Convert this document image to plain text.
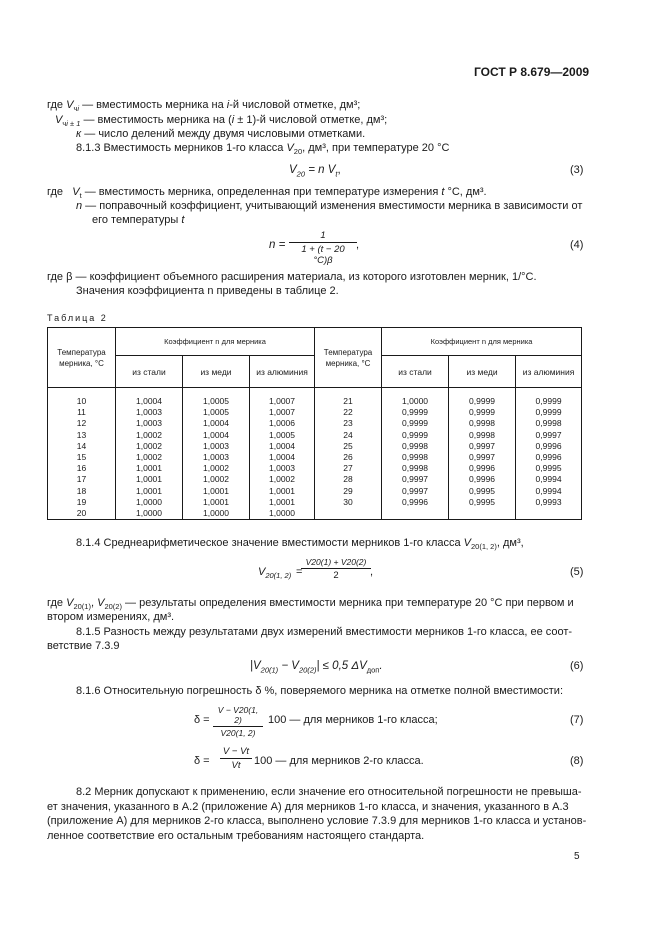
ГОСТ Р 8.679—2009
где $V_{чi}$ — вместимость мерника на i-й числовой отметке, дм³;
$V_{чi \pm 1}$ — вместимость мерника на (i ± 1)-й числовой отметке, дм³;
к — число делений между двумя числовыми отметками.
8.1.3 Вместимость мерников 1-го класса $V_{20}$, дм³, при температуре 20 °С
$V_{20} = n$ $V_t$,	(3)
где $V_t$ — вместимость мерника, определенная при температуре измерения t °С, дм³.
n — поправочный коэффициент, учитывающий изменения вместимости мерника в зависимости от
его температуры t
$n = \frac{1}{1 + (t - 20 ^\circ C)\beta}$ ,	(4)
где β — коэффициент объемного расширения материала, из которого изготовлен мерник, 1/°С.
Значения коэффициента n приведены в таблице 2.
Таблица 2
Температура мерника, °С	Коэффициент n для мерника			Температура мерника, °С	Коэффициент n для мерника		
	из стали	из меди	из алюминия		из стали	из меди	из алюминия
10	1,0004	1,0005	1,0007	21	1,0000	0,9999	0,9999
11	1,0003	1,0005	1,0007	22	0,9999	0,9999	0,9999
12	1,0003	1,0004	1,0006	23	0,9999	0,9998	0,9998
13	1,0002	1,0004	1,0005	24	0,9999	0,9998	0,9997
14	1,0002	1,0003	1,0004	25	0,9998	0,9997	0,9996
15	1,0002	1,0003	1,0004	26	0,9998	0,9997	0,9996
16	1,0001	1,0002	1,0003	27	0,9998	0,9996	0,9995
17	1,0001	1,0002	1,0002	28	0,9997	0,9996	0,9994
18	1,0001	1,0001	1,0001	29	0,9997	0,9995	0,9994
19	1,0000	1,0001	1,0001	30	0,9996	0,9995	0,9993
20	1,0000	1,0000	1,0000				
8.1.4 Среднеарифметическое значение вместимости мерников 1-го класса $V_{20(1, 2)}$, дм³,
$V_{20(1, 2)}$ =
$\frac{V20(1) + V20(2)}{2}$ ,	(5)
где $V_{20(1)}$, $V_{20(2)}$ — результаты определения вместимости мерника при температуре 20 °С при первом и
втором измерениях, дм³.
8.1.5 Разность между результатами двух измерений вместимости мерников 1-го класса, ее соот-
ветствие 7.3.9
$|V_{20(1)} - V_{20(2)}| \le 0,5$ $\Delta V_{доп}$.	(6)
8.1.6 Относительную погрешность δ %, поверяемого мерника на отметке полной вместимости:
$\delta = \frac{V - V20(1, 2)}{V20(1, 2)} 100$ — для мерников 1-го класса;	(7)
$\delta = \frac{V - Vt}{Vt} 100$ — для мерников 2-го класса.	(8)
8.2 Мерник допускают к применению, если значение его относительной погрешности не превыша-
ет значения, указанного в А.2 (приложение А) для мерников 1-го класса, и значения, указанного в А.3
(приложение А) для мерников 2-го класса, выполнено условие 7.3.9 для мерников 1-го класса и установ-
ленное соответствие его остальным требованиям настоящего стандарта.
5
